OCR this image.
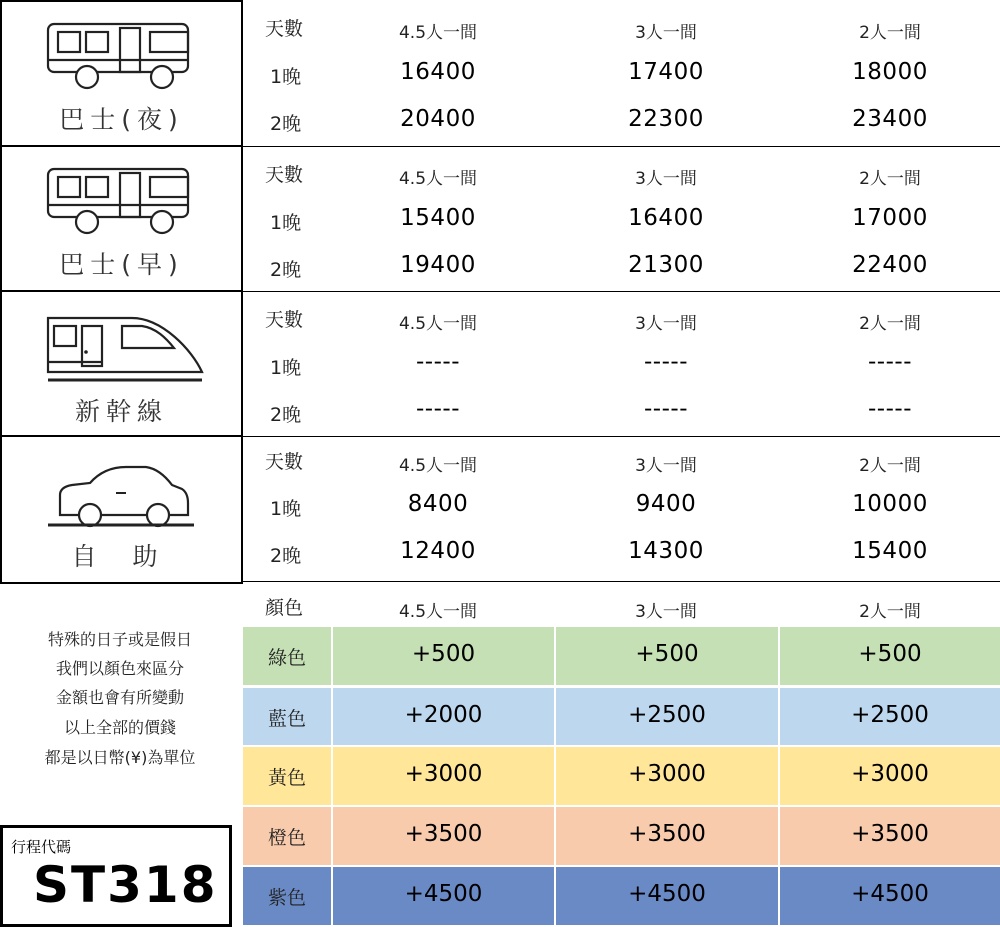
巴士(夜)
巴士(早)
新幹線
自 助
天數	4.5人一間	3人一間	2人一間
1晚	16400	17400	18000
2晚	20400	22300	23400
天數	4.5人一間	3人一間	2人一間
1晚	15400	16400	17000
2晚	19400	21300	22400
天數	4.5人一間	3人一間	2人一間
1晚	-----	-----	-----
2晚	-----	-----	-----
天數	4.5人一間	3人一間	2人一間
1晚	8400	9400	10000
2晚	12400	14300	15400
顏色	4.5人一間	3人一間	2人一間
綠色	+500	+500	+500
藍色	+2000	+2500	+2500
黃色	+3000	+3000	+3000
橙色	+3500	+3500	+3500
紫色	+4500	+4500	+4500
特殊的日子或是假日
我們以顏色來區分
金額也會有所變動
以上全部的價錢
都是以日幣(¥)為單位
行程代碼
ST318
